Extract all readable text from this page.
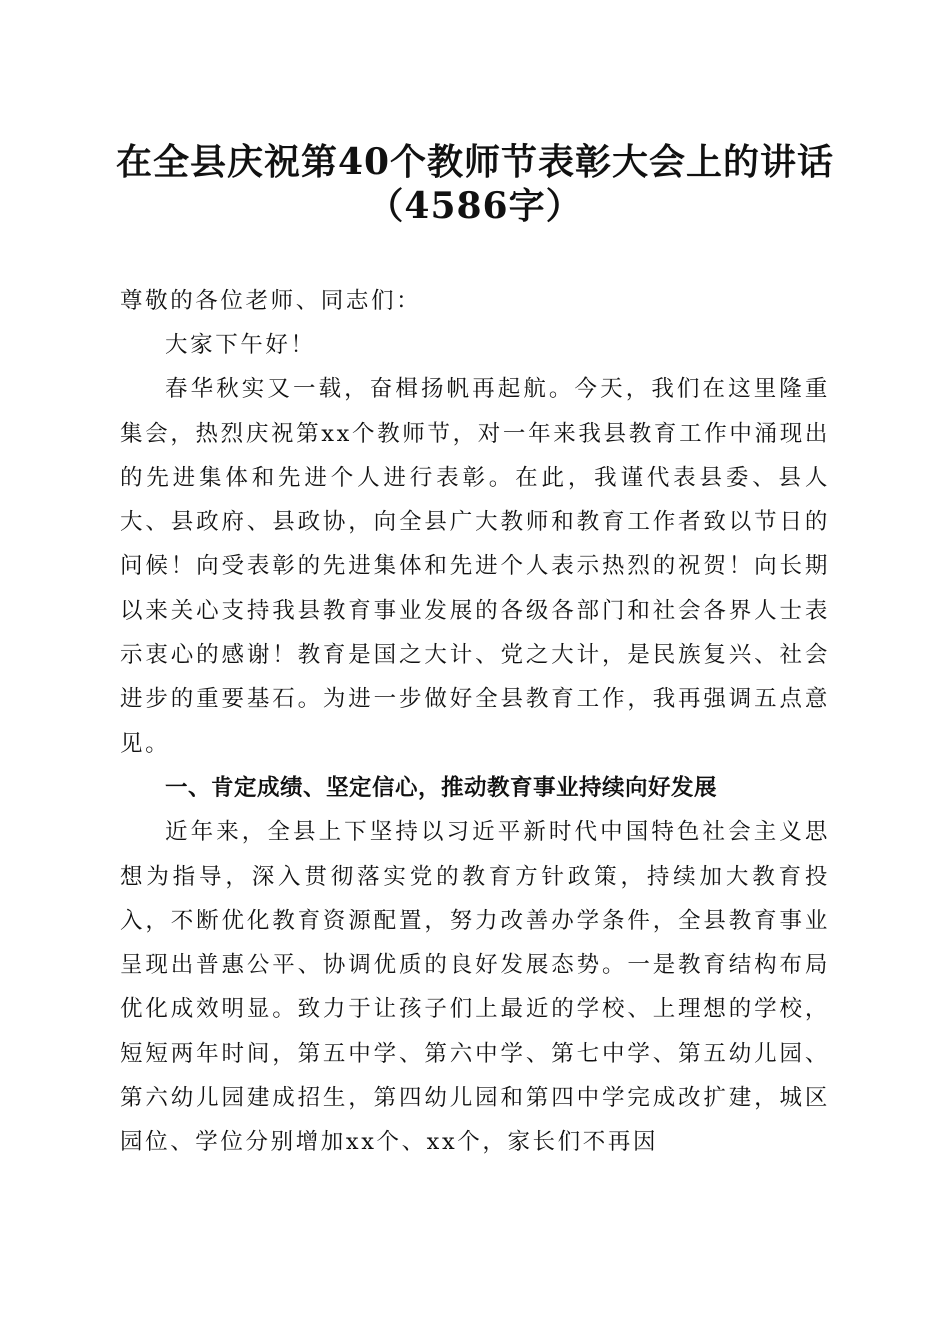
在全县庆祝第40个教师节表彰大会上的讲话
（4586字）

尊敬的各位老师、同志们：

大家下午好！

春华秋实又一载，奋楫扬帆再起航。今天，我们在这里隆重集会，热烈庆祝第xx个教师节，对一年来我县教育工作中涌现出的先进集体和先进个人进行表彰。在此，我谨代表县委、县人大、县政府、县政协，向全县广大教师和教育工作者致以节日的问候！向受表彰的先进集体和先进个人表示热烈的祝贺！向长期以来关心支持我县教育事业发展的各级各部门和社会各界人士表示衷心的感谢！教育是国之大计、党之大计，是民族复兴、社会进步的重要基石。为进一步做好全县教育工作，我再强调五点意见。

一、肯定成绩、坚定信心，推动教育事业持续向好发展

近年来，全县上下坚持以习近平新时代中国特色社会主义思想为指导，深入贯彻落实党的教育方针政策，持续加大教育投入，不断优化教育资源配置，努力改善办学条件，全县教育事业呈现出普惠公平、协调优质的良好发展态势。一是教育结构布局优化成效明显。致力于让孩子们上最近的学校、上理想的学校，短短两年时间，第五中学、第六中学、第七中学、第五幼儿园、第六幼儿园建成招生，第四幼儿园和第四中学完成改扩建，城区园位、学位分别增加xx个、xx个，家长们不再因
